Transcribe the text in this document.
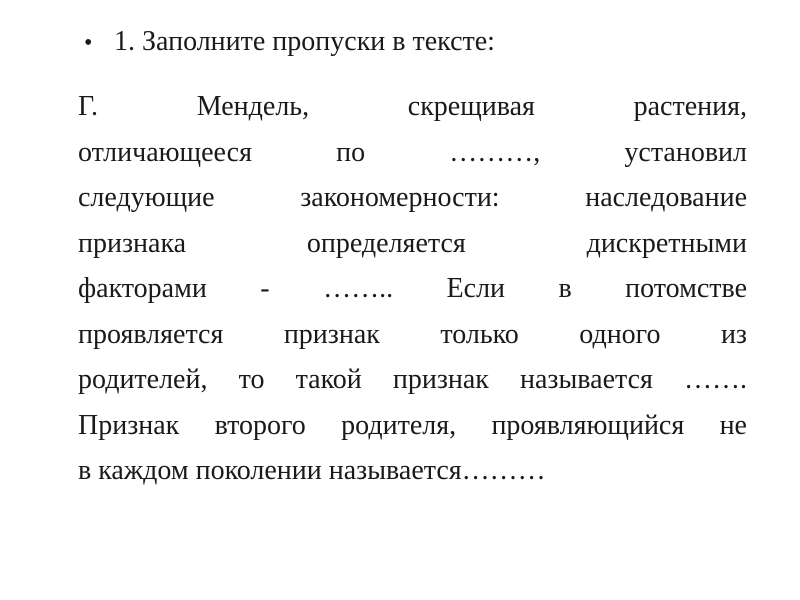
• 1. Заполните пропуски в тексте:
Г. Мендель, скрещивая растения,
отличающееся по ………, установил
следующие закономерности: наследование
признака определяется дискретными
факторами - …….. Если в потомстве
проявляется признак только одного из
родителей, то такой признак называется …….
Признак второго родителя, проявляющийся не
в каждом поколении называется………
